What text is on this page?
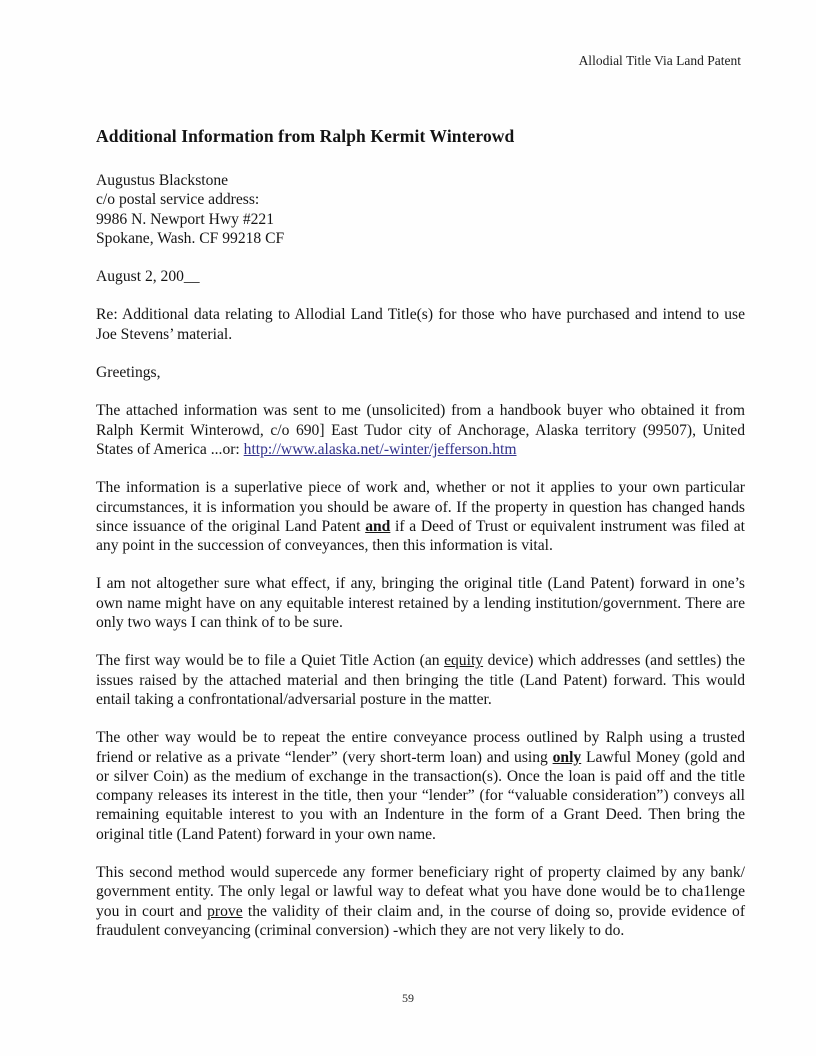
Allodial Title Via Land Patent
Additional Information from Ralph Kermit Winterowd
Augustus Blackstone
c/o postal service address:
9986 N. Newport Hwy #221
Spokane, Wash. CF 99218 CF
August 2, 200__

Re: Additional data relating to Allodial Land Title(s) for those who have purchased and intend to use Joe Stevens’ material.

Greetings,

The attached information was sent to me (unsolicited) from a handbook buyer who obtained it from Ralph Kermit Winterowd, c/o 690] East Tudor city of Anchorage, Alaska territory (99507), United States of America ...or: http://www.alaska.net/-winter/jefferson.htm

The information is a superlative piece of work and, whether or not it applies to your own particular circumstances, it is information you should be aware of. If the property in question has changed hands since issuance of the original Land Patent and if a Deed of Trust or equivalent instrument was filed at any point in the succession of conveyances, then this information is vital.

I am not altogether sure what effect, if any, bringing the original title (Land Patent) forward in one’s own name might have on any equitable interest retained by a lending institution/government. There are only two ways I can think of to be sure.

The first way would be to file a Quiet Title Action (an equity device) which addresses (and settles) the issues raised by the attached material and then bringing the title (Land Patent) forward. This would entail taking a confrontational/adversarial posture in the matter.

The other way would be to repeat the entire conveyance process outlined by Ralph using a trusted friend or relative as a private “lender” (very short-term loan) and using only Lawful Money (gold and or silver Coin) as the medium of exchange in the transaction(s). Once the loan is paid off and the title company releases its interest in the title, then your “lender” (for “valuable consideration”) conveys all remaining equitable interest to you with an Indenture in the form of a Grant Deed. Then bring the original title (Land Patent) forward in your own name.

This second method would supercede any former beneficiary right of property claimed by any bank/ government entity. The only legal or lawful way to defeat what you have done would be to cha1lenge you in court and prove the validity of their claim and, in the course of doing so, provide evidence of fraudulent conveyancing (criminal conversion) -which they are not very likely to do.

59
